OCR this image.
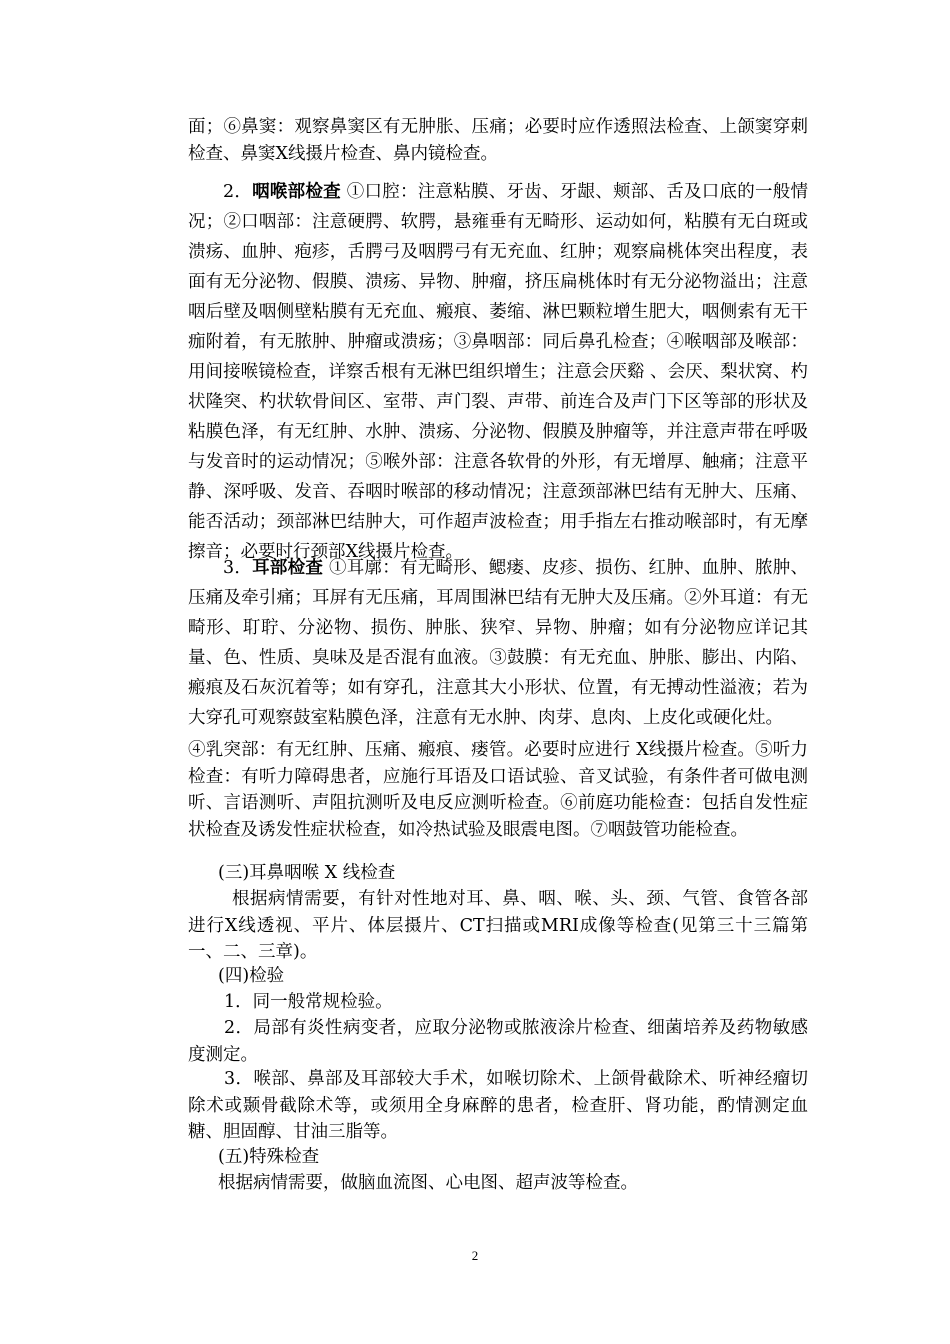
面；⑥鼻窦：观察鼻窦区有无肿胀、压痛；必要时应作透照法检查、上颌窦穿刺检查、鼻窦X线摄片检查、鼻内镜检查。

2．咽喉部检查 ①口腔：注意粘膜、牙齿、牙龈、颊部、舌及口底的一般情况；②口咽部：注意硬腭、软腭，悬雍垂有无畸形、运动如何，粘膜有无白斑或溃疡、血肿、疱疹，舌腭弓及咽腭弓有无充血、红肿；观察扁桃体突出程度，表面有无分泌物、假膜、溃疡、异物、肿瘤，挤压扁桃体时有无分泌物溢出；注意咽后壁及咽侧壁粘膜有无充血、瘢痕、萎缩、淋巴颗粒增生肥大，咽侧索有无干痂附着，有无脓肿、肿瘤或溃疡；③鼻咽部：同后鼻孔检查；④喉咽部及喉部：用间接喉镜检查，详察舌根有无淋巴组织增生；注意会厌谿 、会厌、梨状窝、杓状隆突、杓状软骨间区、室带、声门裂、声带、前连合及声门下区等部的形状及粘膜色泽，有无红肿、水肿、溃疡、分泌物、假膜及肿瘤等，并注意声带在呼吸与发音时的运动情况；⑤喉外部：注意各软骨的外形，有无增厚、触痛；注意平静、深呼吸、发音、吞咽时喉部的移动情况；注意颈部淋巴结有无肿大、压痛、能否活动；颈部淋巴结肿大，可作超声波检查；用手指左右推动喉部时，有无摩擦音；必要时行颈部X线摄片检查。

3．耳部检查 ①耳廓：有无畸形、鳃瘘、皮疹、损伤、红肿、血肿、脓肿、压痛及牵引痛；耳屏有无压痛，耳周围淋巴结有无肿大及压痛。②外耳道：有无畸形、耵聍、分泌物、损伤、肿胀、狭窄、异物、肿瘤；如有分泌物应详记其量、色、性质、臭味及是否混有血液。③鼓膜：有无充血、肿胀、膨出、内陷、瘢痕及石灰沉着等；如有穿孔，注意其大小形状、位置，有无搏动性溢液；若为大穿孔可观察鼓室粘膜色泽，注意有无水肿、肉芽、息肉、上皮化或硬化灶。

④乳突部：有无红肿、压痛、瘢痕、瘘管。必要时应进行 X线摄片检查。⑤听力检查：有听力障碍患者，应施行耳语及口语试验、音叉试验，有条件者可做电测听、言语测听、声阻抗测听及电反应测听检查。⑥前庭功能检查：包括自发性症状检查及诱发性症状检查，如冷热试验及眼震电图。⑦咽鼓管功能检查。

(三)耳鼻咽喉 X 线检查

根据病情需要，有针对性地对耳、鼻、咽、喉、头、颈、气管、食管各部进行X线透视、平片、体层摄片、CT扫描或MRI成像等检查(见第三十三篇第一、二、三章)。

(四)检验

1．同一般常规检验。

2．局部有炎性病变者，应取分泌物或脓液涂片检查、细菌培养及药物敏感度测定。

3．喉部、鼻部及耳部较大手术，如喉切除术、上颌骨截除术、听神经瘤切除术或颞骨截除术等，或须用全身麻醉的患者，检查肝、肾功能，酌情测定血糖、胆固醇、甘油三脂等。

(五)特殊检查

根据病情需要，做脑血流图、心电图、超声波等检查。

2
